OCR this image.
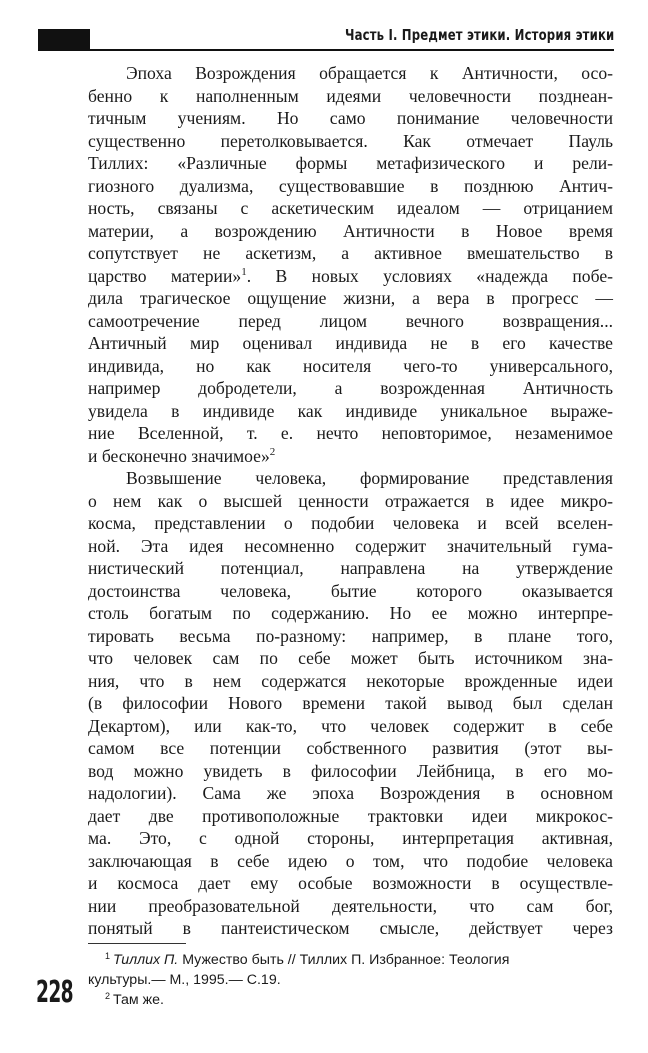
Часть I. Предмет этики. История этики
Эпоха Возрождения обращается к Античности, осо-
бенно к наполненным идеями человечности позднеан-
тичным учениям. Но само понимание человечности
существенно перетолковывается. Как отмечает Пауль
Тиллих: «Различные формы метафизического и рели-
гиозного дуализма, существовавшие в позднюю Антич-
ность, связаны с аскетическим идеалом — отрицанием
материи, а возрождению Античности в Новое время
сопутствует не аскетизм, а активное вмешательство в
царство материи»$^1$. В новых условиях «надежда побе-
дила трагическое ощущение жизни, а вера в прогресс —
самоотречение перед лицом вечного возвращения...
Античный мир оценивал индивида не в его качестве
индивида, но как носителя чего-то универсального,
например добродетели, а возрожденная Античность
увидела в индивиде как индивиде уникальное выраже-
ние Вселенной, т. е. нечто неповторимое, незаменимое
и бесконечно значимое»$^2$
Возвышение человека, формирование представления
о нем как о высшей ценности отражается в идее микро-
косма, представлении о подобии человека и всей вселен-
ной. Эта идея несомненно содержит значительный гума-
нистический потенциал, направлена на утверждение
достоинства человека, бытие которого оказывается
столь богатым по содержанию. Но ее можно интерпре-
тировать весьма по-разному: например, в плане того,
что человек сам по себе может быть источником зна-
ния, что в нем содержатся некоторые врожденные идеи
(в философии Нового времени такой вывод был сделан
Декартом), или как-то, что человек содержит в себе
самом все потенции собственного развития (этот вы-
вод можно увидеть в философии Лейбница, в его мо-
надологии). Сама же эпоха Возрождения в основном
дает две противоположные трактовки идеи микрокос-
ма. Это, с одной стороны, интерпретация активная,
заключающая в себе идею о том, что подобие человека
и космоса дает ему особые возможности в осуществле-
нии преобразовательной деятельности, что сам бог,
понятый в пантеистическом смысле, действует через
$^1$ Тиллих П. Мужество быть // Тиллих П. Избранное: Теология
культуры.— М., 1995.— С.19.
$^2$ Там же.
228
